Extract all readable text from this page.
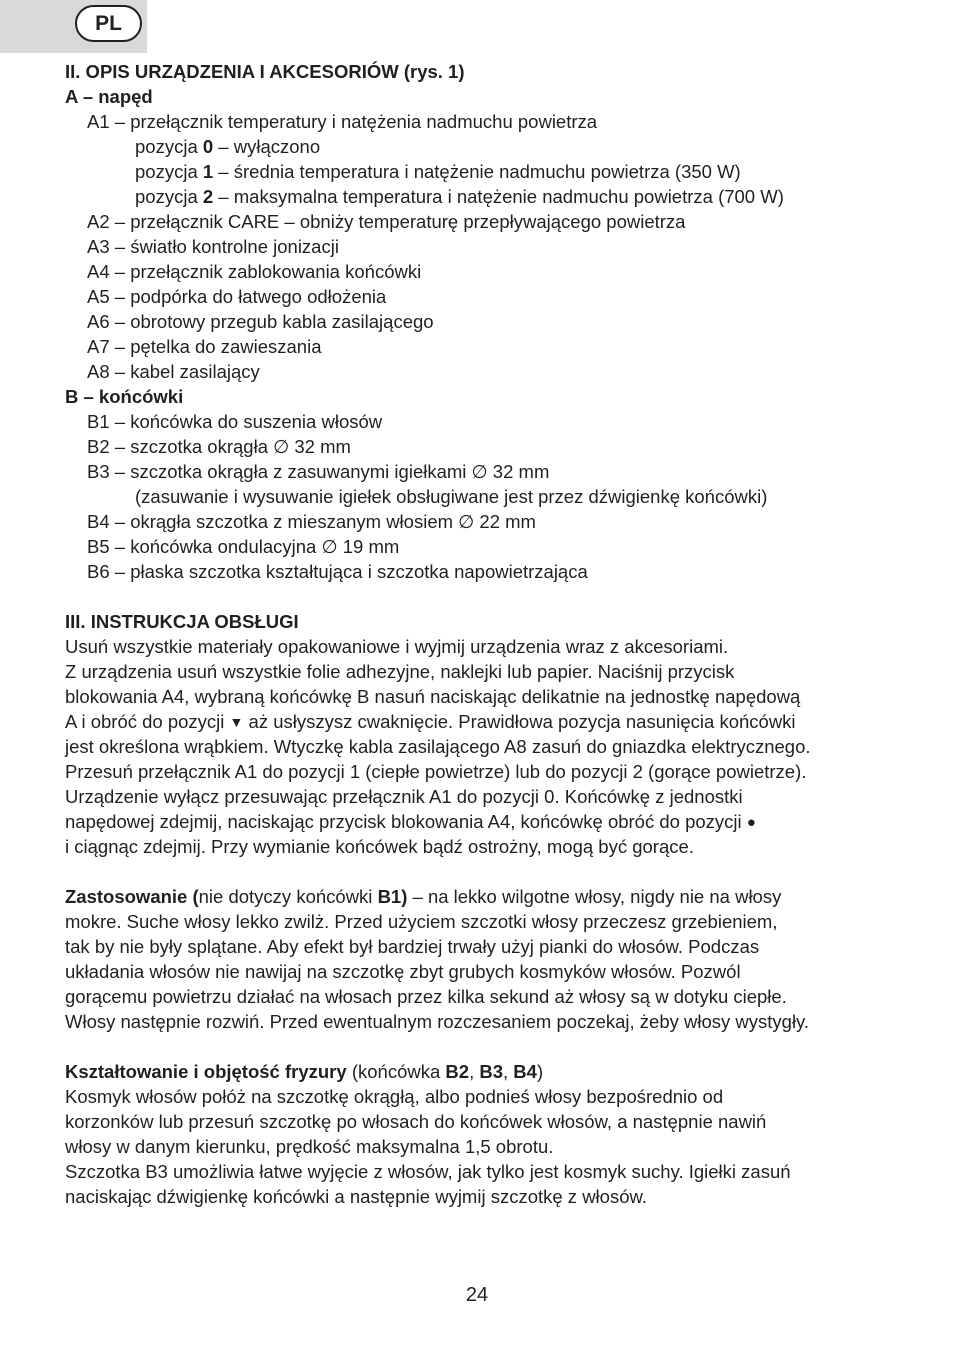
PL
II. OPIS URZĄDZENIA I AKCESORIÓW (rys. 1)
A – napęd
A1 – przełącznik temperatury i natężenia nadmuchu powietrza
pozycja 0 – wyłączono
pozycja 1 – średnia temperatura i natężenie nadmuchu powietrza (350 W)
pozycja 2 – maksymalna temperatura i natężenie nadmuchu powietrza (700 W)
A2 – przełącznik CARE – obniży temperaturę przepływającego powietrza
A3 – światło kontrolne jonizacji
A4 – przełącznik zablokowania końcówki
A5 – podpórka do łatwego odłożenia
A6 – obrotowy przegub kabla zasilającego
A7 – pętelka do zawieszania
A8 – kabel zasilający
B – końcówki
B1 – końcówka do suszenia włosów
B2 – szczotka okrągła ∅ 32 mm
B3 – szczotka okrągła z zasuwanymi igiełkami ∅ 32 mm
(zasuwanie i wysuwanie igiełek obsługiwane jest przez dźwigienkę końcówki)
B4 – okrągła szczotka z mieszanym włosiem ∅ 22 mm
B5 – końcówka ondulacyjna ∅ 19 mm
B6 – płaska szczotka kształtująca i szczotka napowietrzająca
III. INSTRUKCJA OBSŁUGI
Usuń wszystkie materiały opakowaniowe i wyjmij urządzenia wraz z akcesoriami.
Z urządzenia usuń wszystkie folie adhezyjne, naklejki lub papier. Naciśnij przycisk
blokowania A4, wybraną końcówkę B nasuń naciskając delikatnie na jednostkę napędową
A i obróć do pozycji ▼ aż usłyszysz cwaknięcie. Prawidłowa pozycja nasunięcia końcówki
jest określona wrąbkiem. Wtyczkę kabla zasilającego A8 zasuń do gniazdka elektrycznego.
Przesuń przełącznik A1 do pozycji 1 (ciepłe powietrze) lub do pozycji 2 (gorące powietrze).
Urządzenie wyłącz przesuwając przełącznik A1 do pozycji 0. Końcówkę z jednostki
napędowej zdejmij, naciskając przycisk blokowania A4, końcówkę obróć do pozycji ●
i ciągnąc zdejmij. Przy wymianie końcówek bądź ostrożny, mogą być gorące.
Zastosowanie (nie dotyczy końcówki B1) – na lekko wilgotne włosy, nigdy nie na włosy
mokre. Suche włosy lekko zwilż. Przed użyciem szczotki włosy przeczesz grzebieniem,
tak by nie były splątane. Aby efekt był bardziej trwały użyj pianki do włosów. Podczas
układania włosów nie nawijaj na szczotkę zbyt grubych kosmyków włosów. Pozwól
gorącemu powietrzu działać na włosach przez kilka sekund aż włosy są w dotyku ciepłe.
Włosy następnie rozwiń. Przed ewentualnym rozczesaniem poczekaj, żeby włosy wystygły.
Kształtowanie i objętość fryzury (końcówka B2, B3, B4)
Kosmyk włosów połóż na szczotkę okrągłą, albo podnieś włosy bezpośrednio od
korzonków lub przesuń szczotkę po włosach do końcówek włosów, a następnie nawiń
włosy w danym kierunku, prędkość maksymalna 1,5 obrotu.
Szczotka B3 umożliwia łatwe wyjęcie z włosów, jak tylko jest kosmyk suchy. Igiełki zasuń
naciskając dźwigienkę końcówki a następnie wyjmij szczotkę z włosów.
24
